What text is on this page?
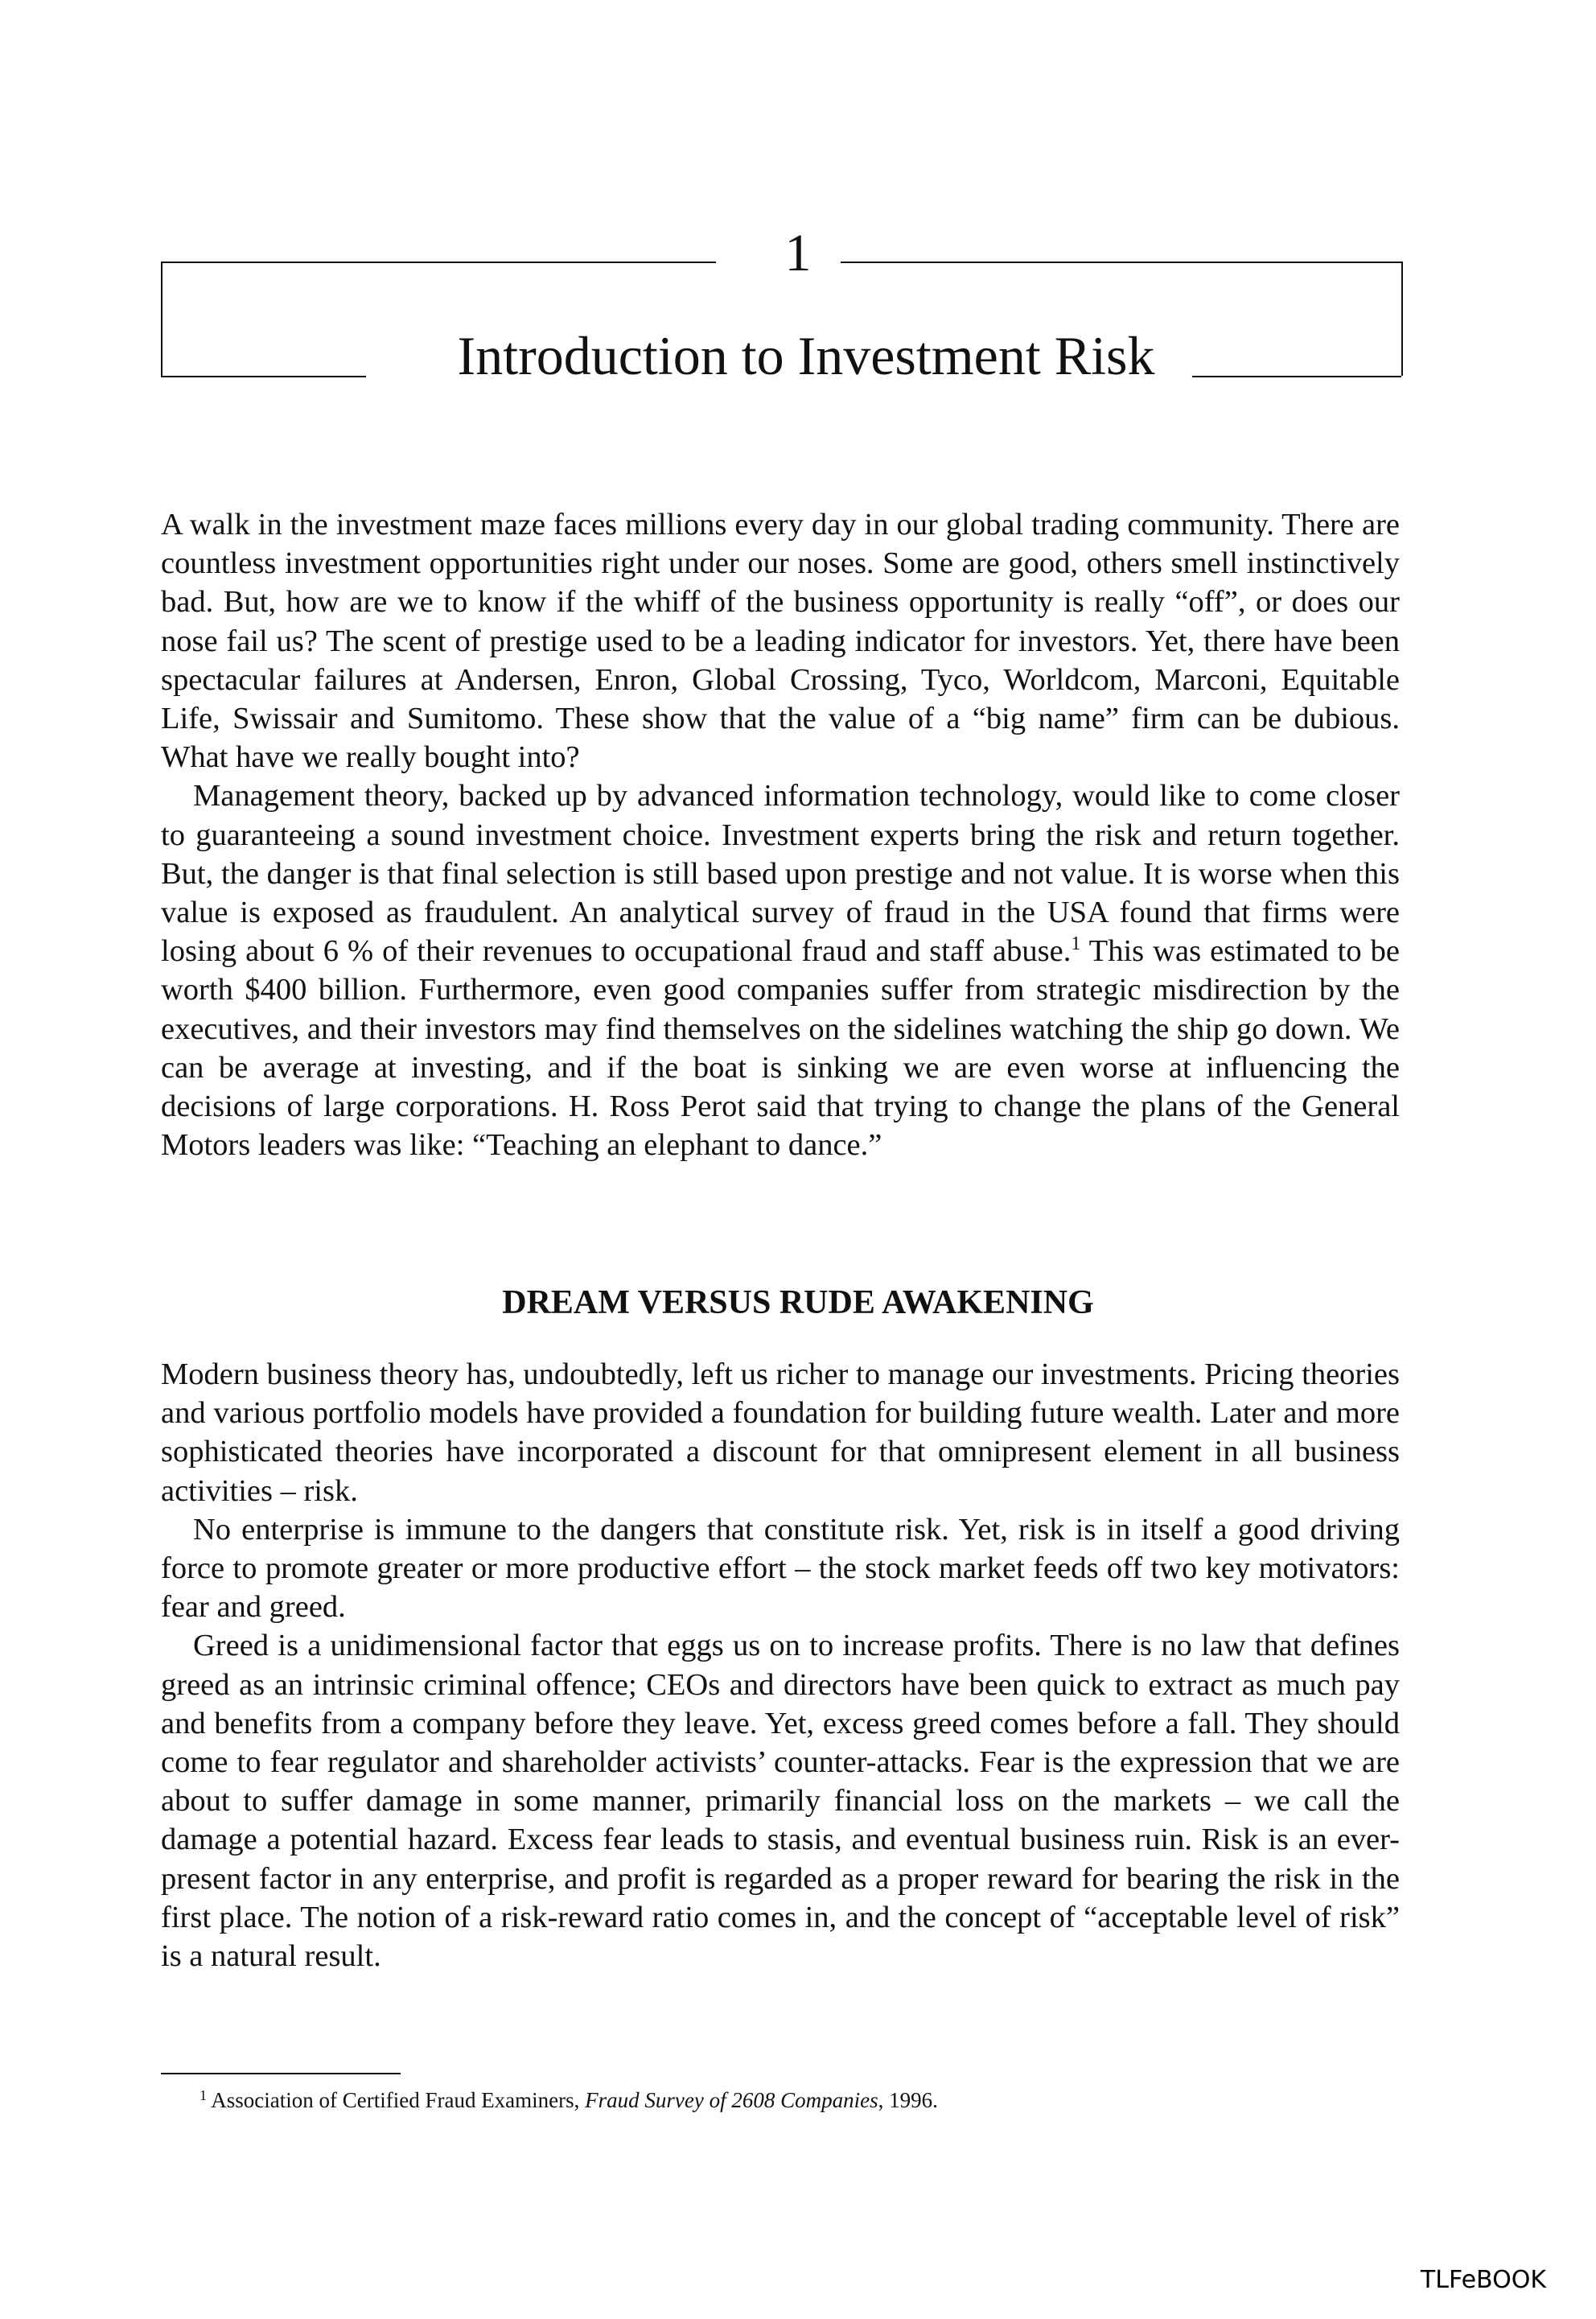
1
Introduction to Investment Risk

A walk in the investment maze faces millions every day in our global trading community. There are countless investment opportunities right under our noses. Some are good, others smell instinctively bad. But, how are we to know if the whiff of the business opportunity is really “off”, or does our nose fail us? The scent of prestige used to be a leading indicator for investors. Yet, there have been spectacular failures at Andersen, Enron, Global Crossing, Tyco, Worldcom, Marconi, Equitable Life, Swissair and Sumitomo. These show that the value of a “big name” firm can be dubious. What have we really bought into?

Management theory, backed up by advanced information technology, would like to come closer to guaranteeing a sound investment choice. Investment experts bring the risk and return together. But, the danger is that final selection is still based upon prestige and not value. It is worse when this value is exposed as fraudulent. An analytical survey of fraud in the USA found that firms were losing about 6 % of their revenues to occupational fraud and staff abuse.$^1$ This was estimated to be worth $400 billion. Furthermore, even good companies suffer from strategic misdirection by the executives, and their investors may find themselves on the sidelines watching the ship go down. We can be average at investing, and if the boat is sinking we are even worse at influencing the decisions of large corporations. H. Ross Perot said that trying to change the plans of the General Motors leaders was like: “Teaching an elephant to dance.”

DREAM VERSUS RUDE AWAKENING

Modern business theory has, undoubtedly, left us richer to manage our investments. Pricing theories and various portfolio models have provided a foundation for building future wealth. Later and more sophisticated theories have incorporated a discount for that omnipresent element in all business activities – risk.

No enterprise is immune to the dangers that constitute risk. Yet, risk is in itself a good driving force to promote greater or more productive effort – the stock market feeds off two key motivators: fear and greed.

Greed is a unidimensional factor that eggs us on to increase profits. There is no law that defines greed as an intrinsic criminal offence; CEOs and directors have been quick to extract as much pay and benefits from a company before they leave. Yet, excess greed comes before a fall. They should come to fear regulator and shareholder activists’ counter-attacks. Fear is the expression that we are about to suffer damage in some manner, primarily financial loss on the markets – we call the damage a potential hazard. Excess fear leads to stasis, and eventual business ruin. Risk is an ever-present factor in any enterprise, and profit is regarded as a proper reward for bearing the risk in the first place. The notion of a risk-reward ratio comes in, and the concept of “acceptable level of risk” is a natural result.

$^1$ Association of Certified Fraud Examiners, Fraud Survey of 2608 Companies, 1996.
TLFeBOOK
